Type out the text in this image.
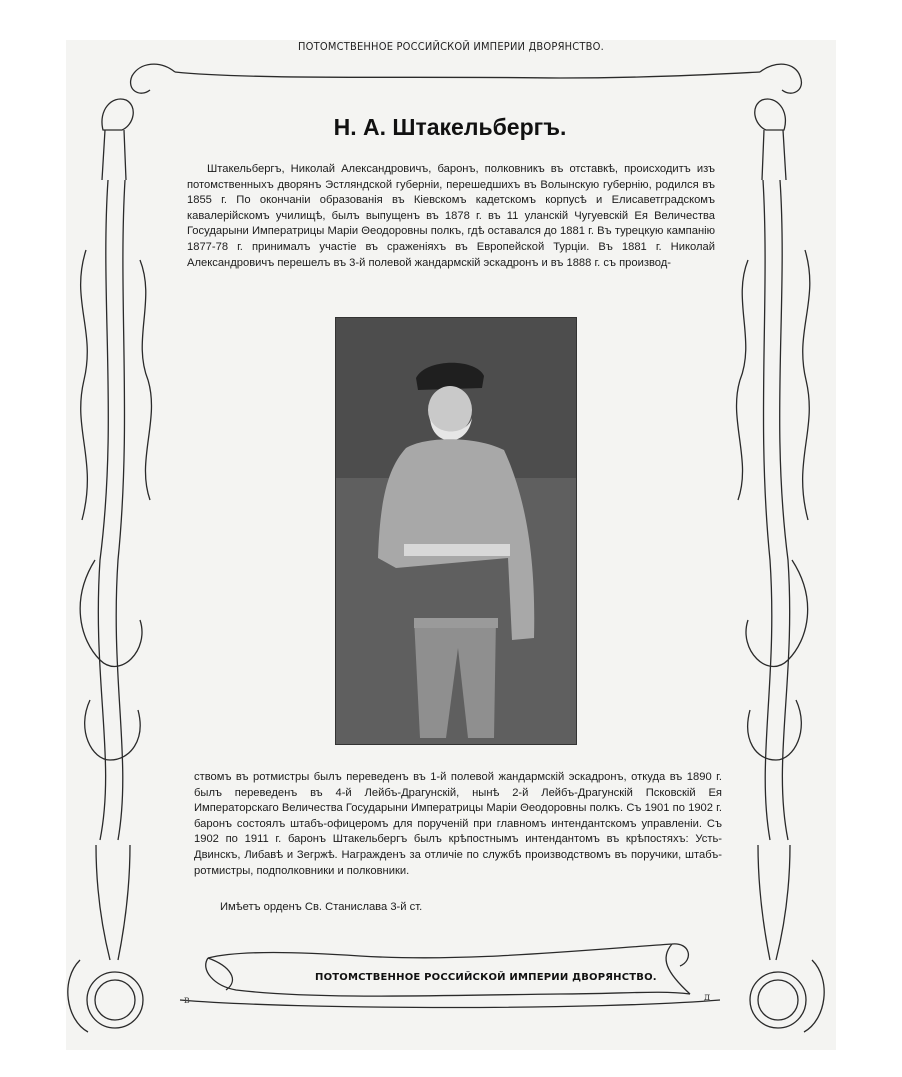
ПОТОМСТВЕННОЕ РОССИЙСКОЙ ИМПЕРИИ ДВОРЯНСТВО.
Н. А. Штакельбергъ.
Штакельбергъ, Николай Александровичъ, баронъ, полковникъ въ отставкѣ, происходитъ изъ потомственныхъ дворянъ Эстляндской губерніи, перешедшихъ въ Волынскую губернію, родился въ 1855 г. По окончаніи образованія въ Кіевскомъ кадетскомъ корпусѣ и Елисаветградскомъ кавалерійскомъ училищѣ, былъ выпущенъ въ 1878 г. въ 11 уланскій Чугуевскій Ея Величества Государыни Императрицы Маріи Θеодоровны полкъ, гдѣ оставался до 1881 г. Въ турецкую кампанію 1877-78 г. принималъ участіе въ сраженіяхъ въ Европейской Турціи. Въ 1881 г. Николай Александровичъ перешелъ въ 3-й полевой жандармскій эскадронъ и въ 1888 г. съ производ-
ствомъ въ ротмистры былъ переведенъ въ 1-й полевой жандармскій эскадронъ, откуда въ 1890 г. былъ переведенъ въ 4-й Лейбъ-Драгунскій, нынѣ 2-й Лейбъ-Драгунскій Псковскій Ея Императорскаго Величества Государыни Императрицы Маріи Θеодоровны полкъ. Съ 1901 по 1902 г. баронъ состоялъ штабъ-офицеромъ для порученій при главномъ интендантскомъ управленіи. Съ 1902 по 1911 г. баронъ Штакельбергъ былъ крѣпостнымъ интендантомъ въ крѣпостяхъ: Усть-Двинскъ, Либавѣ и Зегржѣ. Награжденъ за отличіе по службѣ производствомъ въ поручики, штабъ-ротмистры, подполковники и полковники.
Имѣетъ орденъ Св. Станислава 3-й ст.
ПОТОМСТВЕННОЕ РОССИЙСКОЙ ИМПЕРИИ ДВОРЯНСТВО.
в	д
